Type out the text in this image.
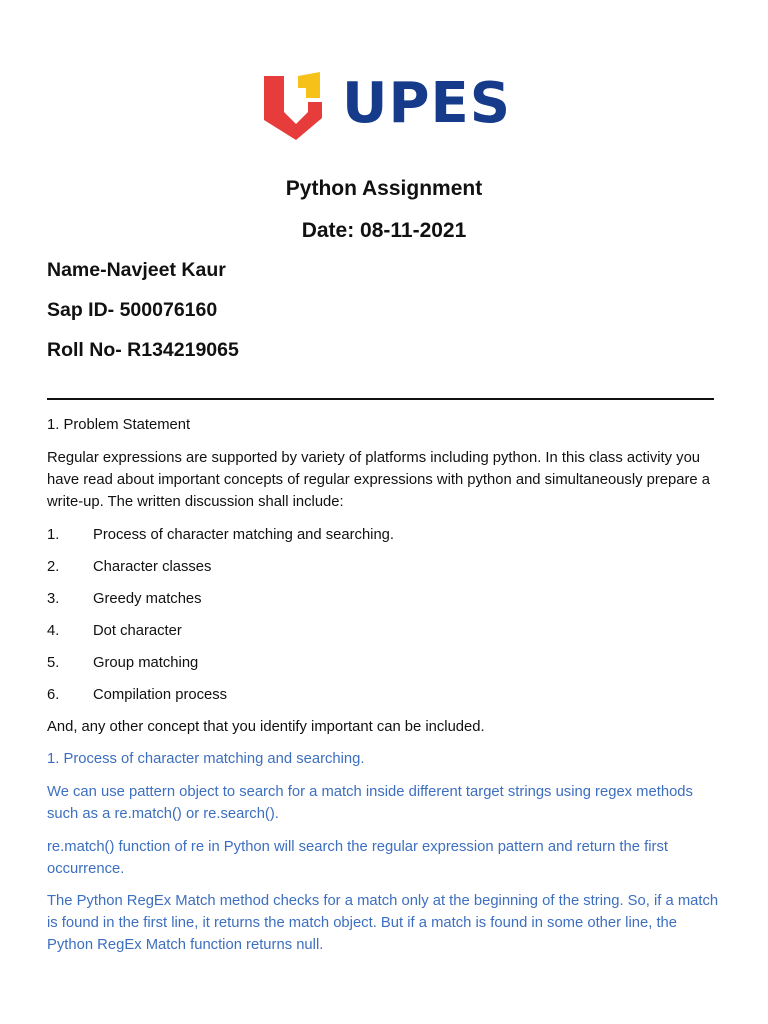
UPES
Python Assignment
Date: 08-11-2021
Name-Navjeet Kaur
Sap ID- 500076160
Roll No- R134219065
1. Problem Statement
Regular expressions are supported by variety of platforms including python. In this class activity you have read about important concepts of regular expressions with python and simultaneously prepare a write-up. The written discussion shall include:
1.	Process of character matching and searching.
2.	Character classes
3.	Greedy matches
4.	Dot character
5.	Group matching
6.	Compilation process
And, any other concept that you identify important can be included.
1. Process of character matching and searching.
We can use pattern object to search for a match inside different target strings using regex methods such as a re.match() or re.search().
re.match() function of re in Python will search the regular expression pattern and return the first occurrence.
The Python RegEx Match method checks for a match only at the beginning of the string. So, if a match is found in the first line, it returns the match object. But if a match is found in some other line, the Python RegEx Match function returns null.
